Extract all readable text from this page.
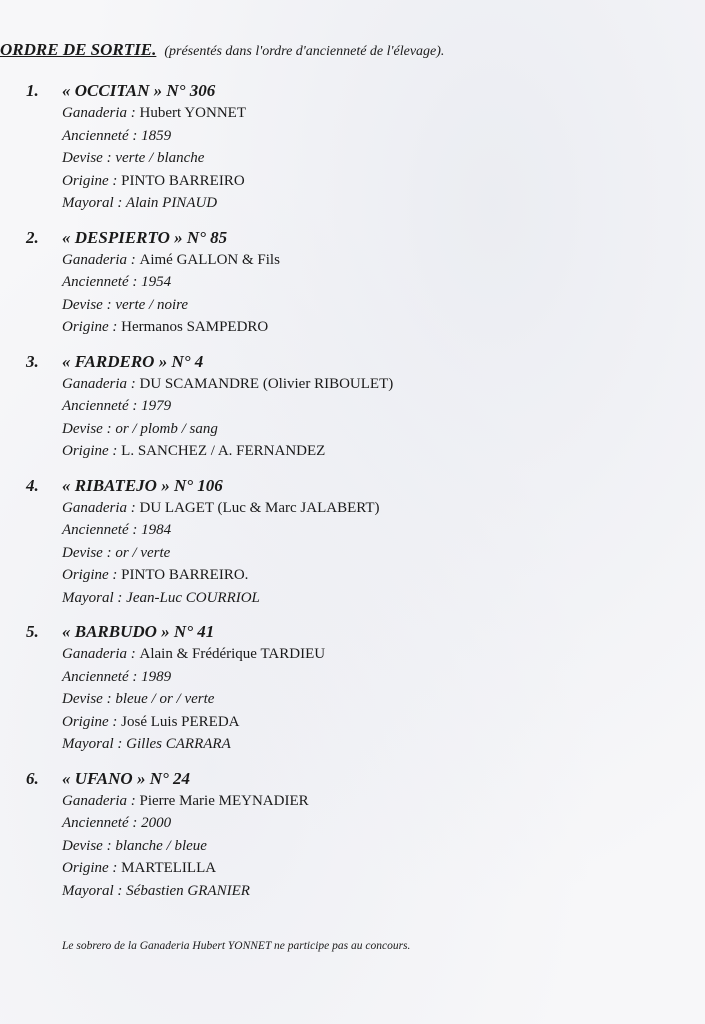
ORDRE DE SORTIE. (présentés dans l'ordre d'ancienneté de l'élevage).
1. « OCCITAN » N° 306
Ganaderia : Hubert YONNET
Ancienneté : 1859
Devise : verte / blanche
Origine : PINTO BARREIRO
Mayoral : Alain PINAUD
2. « DESPIERTO » N° 85
Ganaderia : Aimé GALLON & Fils
Ancienneté : 1954
Devise : verte / noire
Origine : Hermanos SAMPEDRO
3. « FARDERO » N° 4
Ganaderia : DU SCAMANDRE (Olivier RIBOULET)
Ancienneté : 1979
Devise : or / plomb / sang
Origine : L. SANCHEZ / A. FERNANDEZ
4. « RIBATEJO » N° 106
Ganaderia : DU LAGET (Luc & Marc JALABERT)
Ancienneté : 1984
Devise : or / verte
Origine : PINTO BARREIRO.
Mayoral : Jean-Luc COURRIOL
5. « BARBUDO » N° 41
Ganaderia : Alain & Frédérique TARDIEU
Ancienneté : 1989
Devise : bleue / or / verte
Origine : José Luis PEREDA
Mayoral : Gilles CARRARA
6. « UFANO » N° 24
Ganaderia : Pierre Marie MEYNADIER
Ancienneté : 2000
Devise : blanche / bleue
Origine : MARTELILLA
Mayoral : Sébastien GRANIER
Le sobrero de la Ganaderia Hubert YONNET ne participe pas au concours.
